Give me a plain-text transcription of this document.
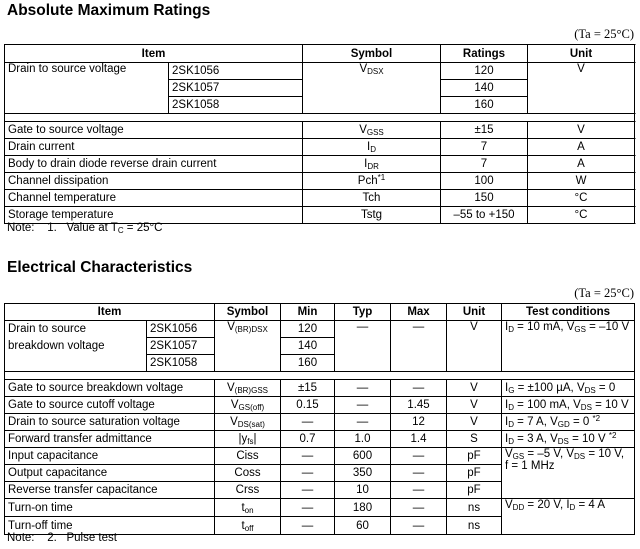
Absolute Maximum Ratings
(Ta = 25°C)
Item		Symbol	Ratings	Unit
Drain to source voltage	2SK1056	$V_{DSX}$	120	V
	2SK1057		140	
	2SK1058		160	

Gate to source voltage		$V_{GSS}$	±15	V
Drain current		$I_D$	7	A
Body to drain diode reverse drain current		$I_{DR}$	7	A
Channel dissipation		Pch$^{*1}$	100	W
Channel temperature		Tch	150	°C
Storage temperature		Tstg	–55 to +150	°C
Note: 1. Value at $T_C = 25^\circ C$
Electrical Characteristics
(Ta = 25°C)
Item		Symbol	Min	Typ	Max	Unit	Test conditions
Drain to source breakdown voltage	2SK1056	$V_{(BR)DSX}$	120	—	—	V	$I_D = 10$ mA, $V_{GS} = -10$ V
	2SK1057		140				
	2SK1058		160				

Gate to source breakdown voltage		$V_{(BR)GSS}$	±15	—	—	V	$I_G = \pm 100$ µA, $V_{DS} = 0$
Gate to source cutoff voltage		$V_{GS(off)}$	0.15	—	1.45	V	$I_D = 100$ mA, $V_{DS} = 10$ V
Drain to source saturation voltage		$V_{DS(sat)}$	—	—	12	V	$I_D = 7$ A, $V_{GD} = 0$ $^{*2}$
Forward transfer admittance		$|y_{fs}|$	0.7	1.0	1.4	S	$I_D = 3$ A, $V_{DS} = 10$ V $^{*2}$
Input capacitance		Ciss	—	600	—	pF	$V_{GS} = -5$ V, $V_{DS} = 10$ V,
f = 1 MHz

Output capacitance		Coss	—	350	—	pF	
Reverse transfer capacitance		Crss	—	10	—	pF	
Turn-on time		$t_{on}$	—	180	—	ns	$V_{DD} = 20$ V, $I_D = 4$ A
Turn-off time		$t_{off}$	—	60	—	ns	
Note: 2. Pulse test
